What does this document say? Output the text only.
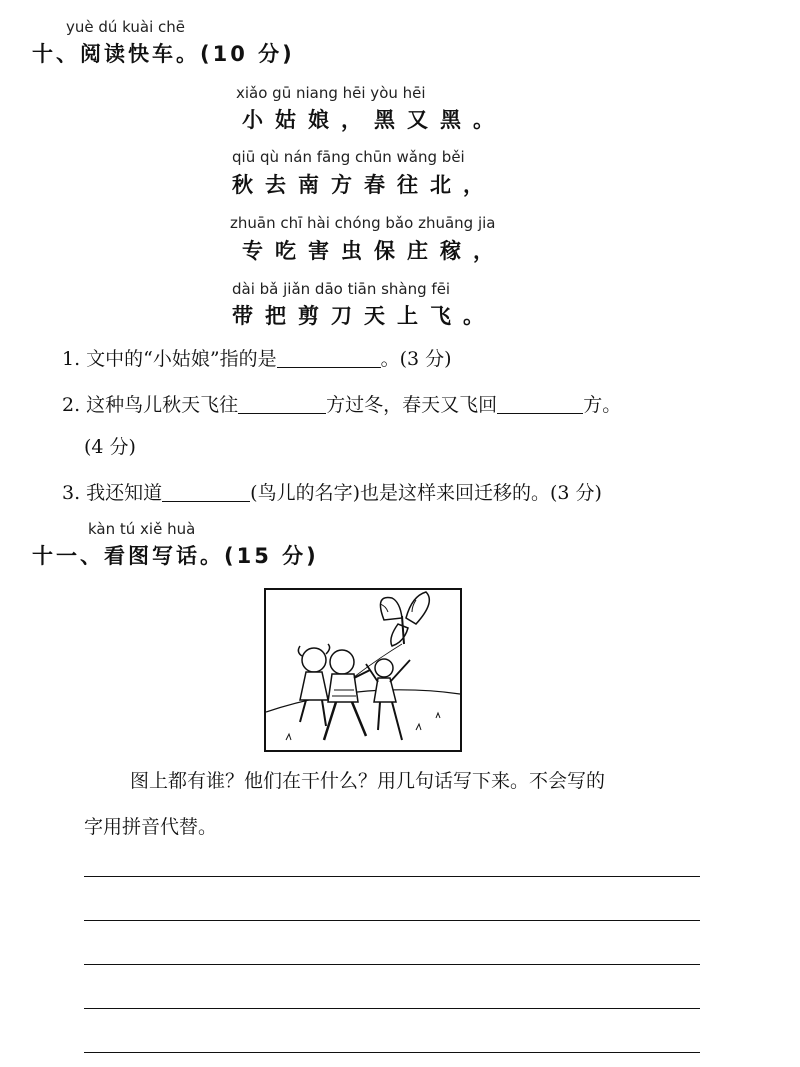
yuè dú kuài chē
十、阅读快车。(10 分)
xiǎo gū niang hēi yòu hēi
小姑娘，黑又黑。
qiū qù nán fāng chūn wǎng běi
秋去南方春往北，
zhuān chī hài chóng bǎo zhuāng jia
专吃害虫保庄稼，
dài bǎ jiǎn dāo tiān shàng fēi
带把剪刀天上飞。
1. 文中的“小姑娘”指的是	。(3 分)
2. 这种鸟儿秋天飞往	方过冬，春天又飞回	方。
(4 分)
3. 我还知道	(鸟儿的名字)也是这样来回迁移的。(3 分)
kàn tú xiě huà
十一、看图写话。(15 分)
图上都有谁？他们在干什么？用几句话写下来。不会写的
字用拼音代替。
